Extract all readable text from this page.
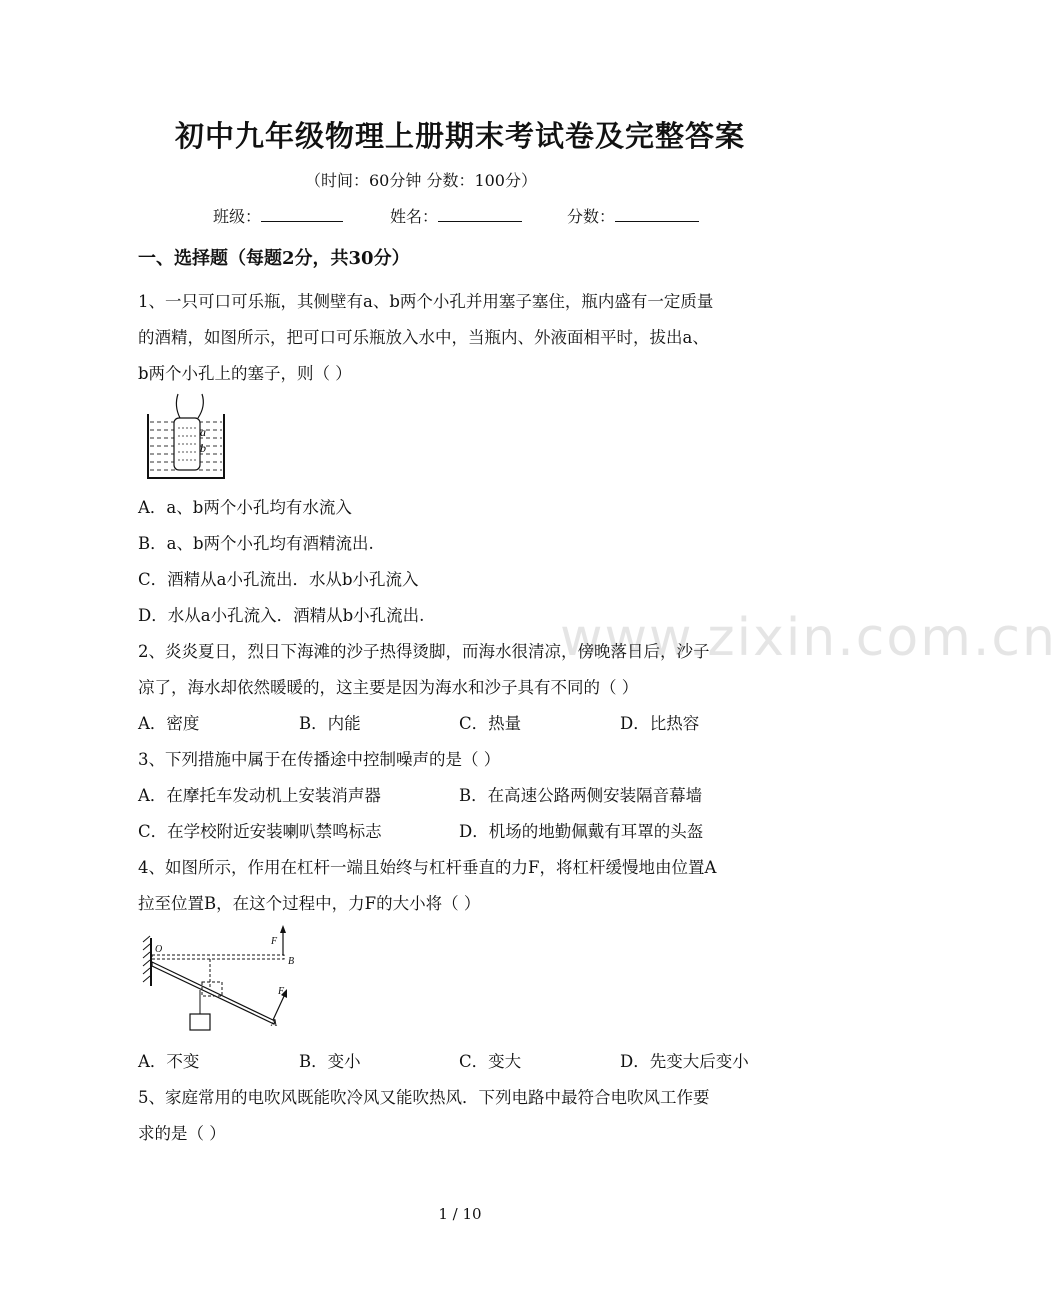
初中九年级物理上册期末考试卷及完整答案
（时间：60分钟 分数：100分）
班级：	姓名：	分数：
一、选择题（每题2分，共30分）
1、一只可口可乐瓶，其侧壁有a、b两个小孔并用塞子塞住，瓶内盛有一定质量
的酒精，如图所示，把可口可乐瓶放入水中，当瓶内、外液面相平时，拔出a、
b两个小孔上的塞子，则（ ）
a
b
A．a、b两个小孔均有水流入
B．a、b两个小孔均有酒精流出.
C．酒精从a小孔流出．水从b小孔流入
D．水从a小孔流入．酒精从b小孔流出.	www.zixin.com.cn
2、炎炎夏日，烈日下海滩的沙子热得烫脚，而海水很清凉，傍晚落日后，沙子
凉了，海水却依然暖暖的，这主要是因为海水和沙子具有不同的（ ）
A．密度	B．内能	C．热量	D．比热容
3、下列措施中属于在传播途中控制噪声的是（ ）
A．在摩托车发动机上安装消声器	B．在高速公路两侧安装隔音幕墙
C．在学校附近安装喇叭禁鸣标志	D．机场的地勤佩戴有耳罩的头盔
4、如图所示，作用在杠杆一端且始终与杠杆垂直的力F，将杠杆缓慢地由位置A
拉至位置B，在这个过程中，力F的大小将（ ）
O
F
B
F
A
A．不变	B．变小	C．变大	D．先变大后变小
5、家庭常用的电吹风既能吹冷风又能吹热风．下列电路中最符合电吹风工作要
求的是（ ）
1 / 10
